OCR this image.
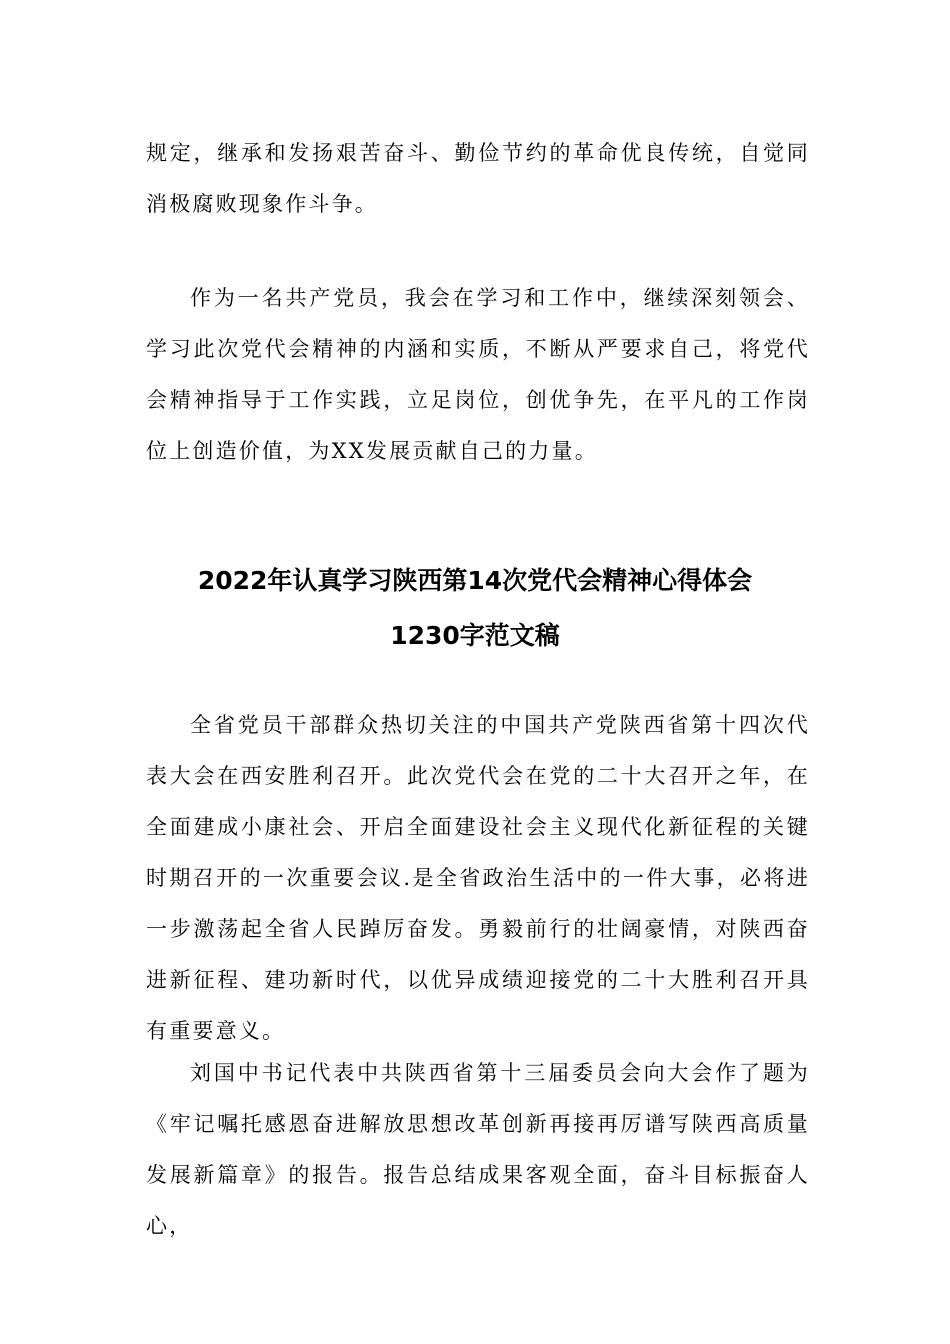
规定，继承和发扬艰苦奋斗、勤俭节约的革命优良传统，自觉同消极腐败现象作斗争。

作为一名共产党员，我会在学习和工作中，继续深刻领会、学习此次党代会精神的内涵和实质，不断从严要求自己，将党代会精神指导于工作实践，立足岗位，创优争先，在平凡的工作岗位上创造价值，为XX发展贡献自己的力量。

2022年认真学习陕西第14次党代会精神心得体会
1230字范文稿

全省党员干部群众热切关注的中国共产党陕西省第十四次代表大会在西安胜利召开。此次党代会在党的二十大召开之年，在全面建成小康社会、开启全面建设社会主义现代化新征程的关键时期召开的一次重要会议.是全省政治生活中的一件大事，必将进一步激荡起全省人民踔厉奋发。勇毅前行的壮阔豪情，对陕西奋进新征程、建功新时代，以优异成绩迎接党的二十大胜利召开具有重要意义。

刘国中书记代表中共陕西省第十三届委员会向大会作了题为《牢记嘱托感恩奋进解放思想改革创新再接再厉谱写陕西高质量发展新篇章》的报告。报告总结成果客观全面，奋斗目标振奋人心，
